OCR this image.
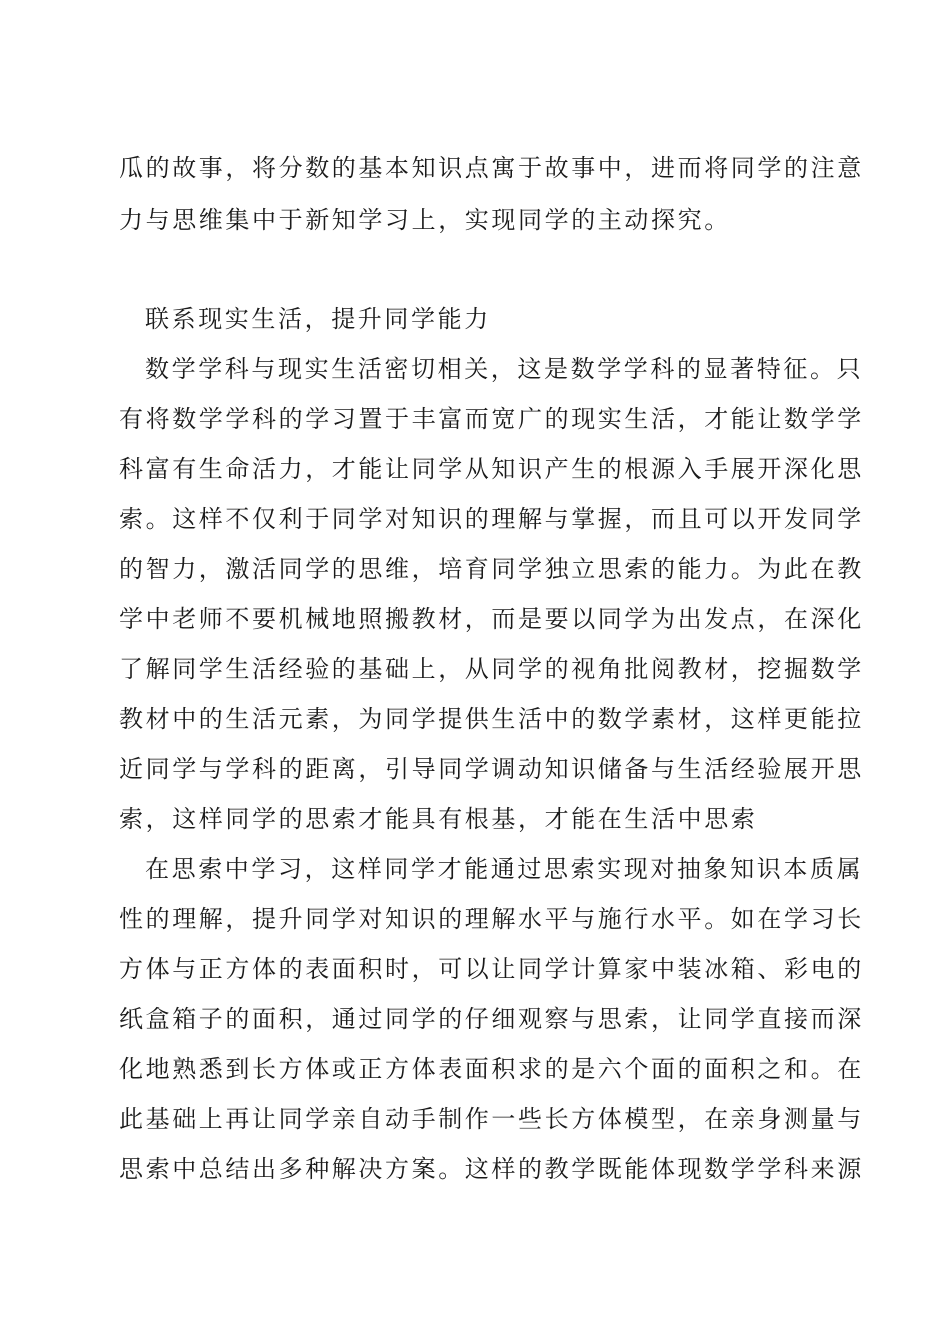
瓜的故事，将分数的基本知识点寓于故事中，进而将同学的注意
力与思维集中于新知学习上，实现同学的主动探究。
联系现实生活，提升同学能力
数学学科与现实生活密切相关，这是数学学科的显著特征。只
有将数学学科的学习置于丰富而宽广的现实生活，才能让数学学
科富有生命活力，才能让同学从知识产生的根源入手展开深化思
索。这样不仅利于同学对知识的理解与掌握，而且可以开发同学
的智力，激活同学的思维，培育同学独立思索的能力。为此在教
学中老师不要机械地照搬教材，而是要以同学为出发点，在深化
了解同学生活经验的基础上，从同学的视角批阅教材，挖掘数学
教材中的生活元素，为同学提供生活中的数学素材，这样更能拉
近同学与学科的距离，引导同学调动知识储备与生活经验展开思
索，这样同学的思索才能具有根基，才能在生活中思索
在思索中学习，这样同学才能通过思索实现对抽象知识本质属
性的理解，提升同学对知识的理解水平与施行水平。如在学习长
方体与正方体的表面积时，可以让同学计算家中装冰箱、彩电的
纸盒箱子的面积，通过同学的仔细观察与思索，让同学直接而深
化地熟悉到长方体或正方体表面积求的是六个面的面积之和。在
此基础上再让同学亲自动手制作一些长方体模型，在亲身测量与
思索中总结出多种解决方案。这样的教学既能体现数学学科来源
